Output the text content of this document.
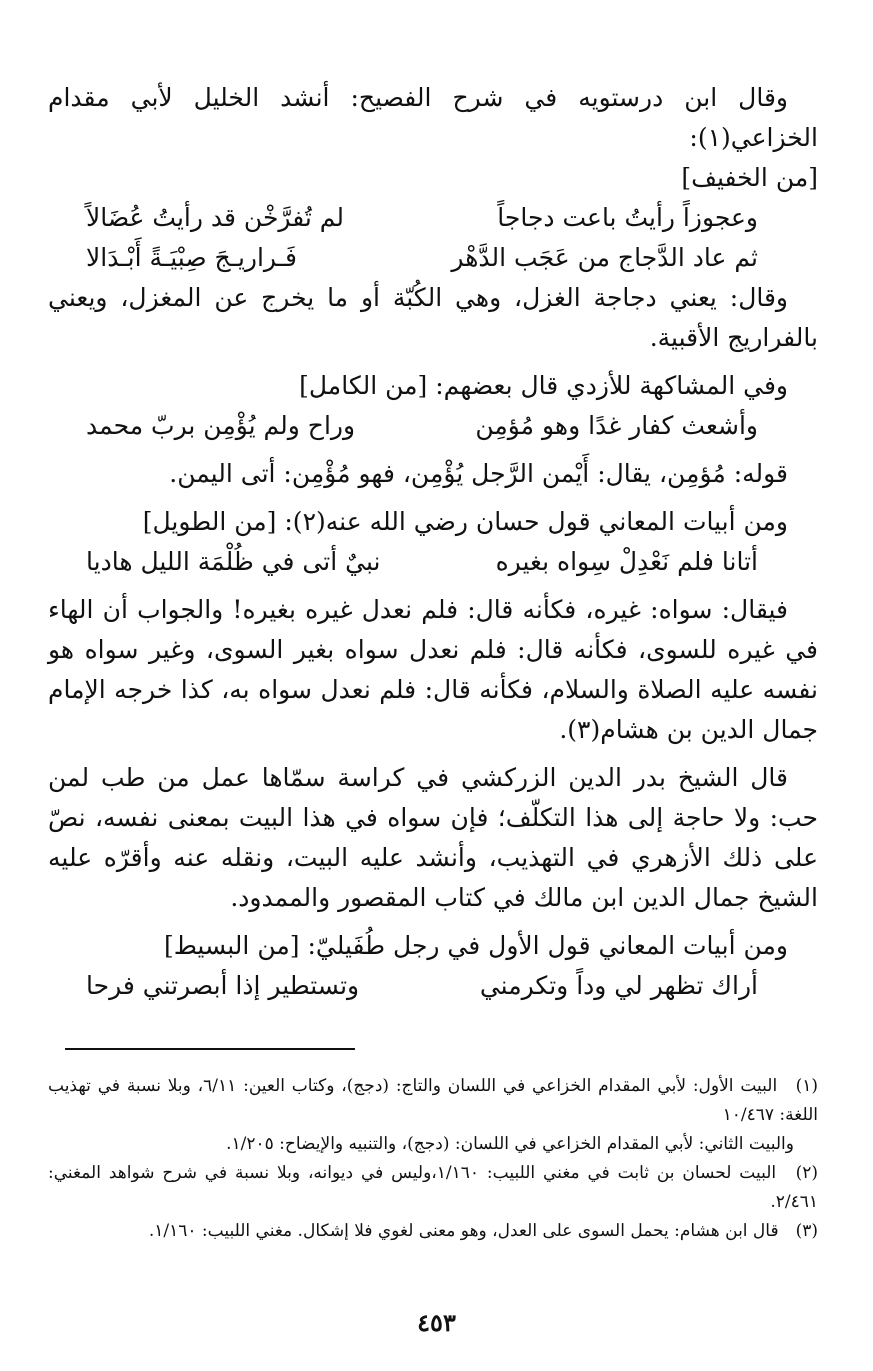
وقال ابن درستويه في شرح الفصيح: أنشد الخليل لأبي مقدام الخزاعي(١):

[من الخفيف]

وعجوزاً رأيتُ باعت دجاجاً
لم تُفرَّخْن قد رأيتُ عُضَالاً
ثم عاد الدَّجاج من عَجَب الدَّهْر
فَـراريـجَ صِبْيَـةً أَبْـدَالا

وقال: يعني دجاجة الغزل، وهي الكُبّة أو ما يخرج عن المغزل، ويعني بالفراريج الأقبية.

وفي المشاكهة للأزدي قال بعضهم: [من الكامل]

وأشعث كفار غدًا وهو مُؤمِن
وراح ولم يُؤْمِن بربّ محمد

قوله: مُؤمِن، يقال: أَيْمن الرَّجل يُؤْمِن، فهو مُؤْمِن: أتى اليمن.

ومن أبيات المعاني قول حسان رضي الله عنه(٢): [من الطويل]

أتانا فلم نَعْدِلْ سِواه بغيره
نبيٌ أتى في ظُلْمَة الليل هاديا

فيقال: سواه: غيره، فكأنه قال: فلم نعدل غيره بغيره! والجواب أن الهاء في غيره للسوى، فكأنه قال: فلم نعدل سواه بغير السوى، وغير سواه هو نفسه عليه الصلاة والسلام، فكأنه قال: فلم نعدل سواه به، كذا خرجه الإمام جمال الدين بن هشام(٣).

قال الشيخ بدر الدين الزركشي في كراسة سمّاها عمل من طب لمن حب: ولا حاجة إلى هذا التكلّف؛ فإن سواه في هذا البيت بمعنى نفسه، نصّ على ذلك الأزهري في التهذيب، وأنشد عليه البيت، ونقله عنه وأقرّه عليه الشيخ جمال الدين ابن مالك في كتاب المقصور والممدود.

ومن أبيات المعاني قول الأول في رجل طُفَيليّ: [من البسيط]

أراك تظهر لي وداً وتكرمني
وتستطير إذا أبصرتني فرحا

(١) البيت الأول: لأبي المقدام الخزاعي في اللسان والتاج: (دجج)، وكتاب العين: ٦/١١، وبلا نسبة في تهذيب اللغة: ١٠/٤٦٧

والبيت الثاني: لأبي المقدام الخزاعي في اللسان: (دجج)، والتنبيه والإيضاح: ١/٢٠٥.

(٢) البيت لحسان بن ثابت في مغني اللبيب: ١/١٦٠،وليس في ديوانه، وبلا نسبة في شرح شواهد المغني: ٢/٤٦١.

(٣) قال ابن هشام: يحمل السوى على العدل، وهو معنى لغوي فلا إشكال. مغني اللبيب: ١/١٦٠.

٤٥٣
